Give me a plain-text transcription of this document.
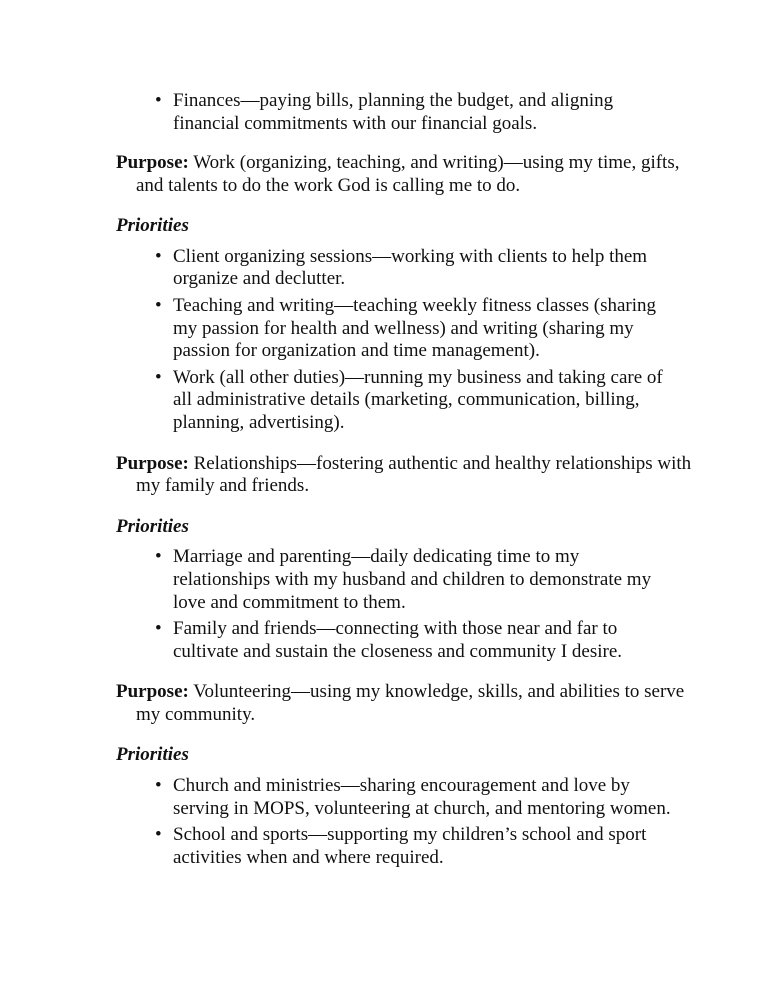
• Finances—paying bills, planning the budget, and aligning financial commitments with our financial goals.

Purpose: Work (organizing, teaching, and writing)—using my time, gifts, and talents to do the work God is calling me to do.

Priorities

• Client organizing sessions—working with clients to help them organize and declutter.
• Teaching and writing—teaching weekly fitness classes (sharing my passion for health and wellness) and writing (sharing my passion for organization and time management).
• Work (all other duties)—running my business and taking care of all administrative details (marketing, communication, billing, planning, advertising).

Purpose: Relationships—fostering authentic and healthy relationships with my family and friends.

Priorities

• Marriage and parenting—daily dedicating time to my relationships with my husband and children to demonstrate my love and commitment to them.
• Family and friends—connecting with those near and far to cultivate and sustain the closeness and community I desire.

Purpose: Volunteering—using my knowledge, skills, and abilities to serve my community.

Priorities

• Church and ministries—sharing encouragement and love by serving in MOPS, volunteering at church, and mentoring women.
• School and sports—supporting my children’s school and sport activities when and where required.
